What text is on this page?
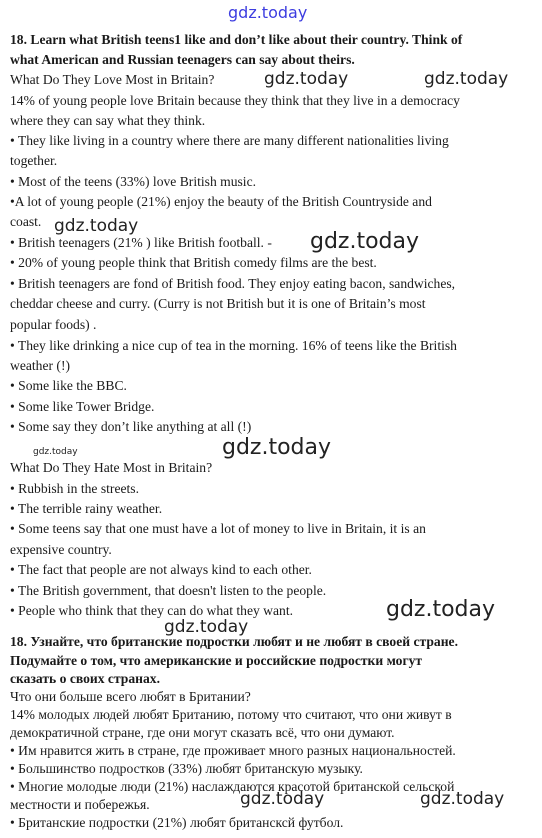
gdz.today
gdz.today	gdz.today
gdz.today
gdz.today
gdz.today
gdz.today
gdz.today
gdz.today
gdz.today	gdz.today
18. Learn what British teens1 like and don’t like about their country. Think of
what American and Russian teenagers can say about theirs.
What Do They Love Most in Britain?
14% of young people love Britain because they think that they live in a democracy
where they can say what they think.
• They like living in a country where there are many different nationalities living
together.
• Most of the teens (33%) love British music.
•A lot of young people (21%) enjoy the beauty of the British Countryside and
coast.
• British teenagers (21% ) like British football. -
• 20% of young people think that British comedy films are the best.
• British teenagers are fond of British food. They enjoy eating bacon, sandwiches,
cheddar cheese and curry. (Curry is not British but it is one of Britain’s most
popular foods) .
• They like drinking a nice cup of tea in the morning. 16% of teens like the British
weather (!)
• Some like the BBC.
• Some like Tower Bridge.
• Some say they don’t like anything at all (!)
What Do They Hate Most in Britain?
• Rubbish in the streets.
• The terrible rainy weather.
• Some teens say that one must have a lot of money to live in Britain, it is an
expensive country.
• The fact that people are not always kind to each other.
• The British government, that doesn't listen to the people.
• People who think that they can do what they want.
18. Узнайте, что британские подростки любят и не любят в своей стране.
Подумайте о том, что американские и российские подростки могут
сказать о своих странах.
Что они больше всего любят в Британии?
14% молодых людей любят Британию, потому что считают, что они живут в
демократичной стране, где они могут сказать всё, что они думают.
• Им нравится жить в стране, где проживает много разных национальностей.
• Большинство подростков (33%) любят британскую музыку.
• Многие молодые люди (21%) наслаждаются красотой британской сельской
местности и побережья.
• Британские подростки (21%) любят британсксй футбол.
